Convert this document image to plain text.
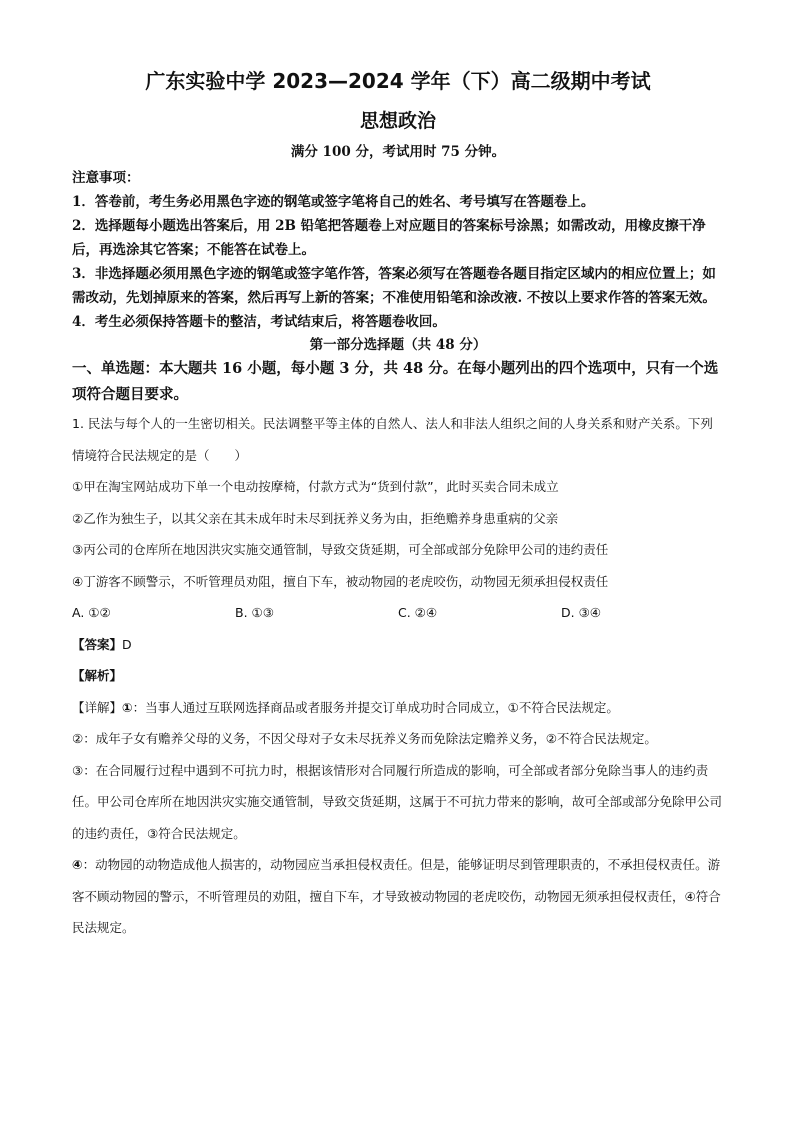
广东实验中学 2023—2024 学年（下）高二级期中考试
思想政治
满分 100 分，考试用时 75 分钟。
注意事项：

1．答卷前，考生务必用黑色字迹的钢笔或签字笔将自己的姓名、考号填写在答题卷上。

2．选择题每小题选出答案后，用 2B 铅笔把答题卷上对应题目的答案标号涂黑；如需改动，用橡皮擦干净后，再选涂其它答案；不能答在试卷上。

3．非选择题必须用黑色字迹的钢笔或签字笔作答，答案必须写在答题卷各题目指定区域内的相应位置上；如需改动，先划掉原来的答案，然后再写上新的答案；不准使用铅笔和涂改液. 不按以上要求作答的答案无效。

4．考生必须保持答题卡的整洁，考试结束后，将答题卷收回。

第一部分选择题（共 48 分）
一、单选题：本大题共 16 小题，每小题 3 分，共 48 分。在每小题列出的四个选项中，只有一个选项符合题目要求。
1. 民法与每个人的一生密切相关。民法调整平等主体的自然人、法人和非法人组织之间的人身关系和财产关系。下列情境符合民法规定的是（　　）
①甲在淘宝网站成功下单一个电动按摩椅，付款方式为“货到付款”，此时买卖合同未成立
②乙作为独生子，以其父亲在其未成年时未尽到抚养义务为由，拒绝赡养身患重病的父亲
③丙公司的仓库所在地因洪灾实施交通管制，导致交货延期，可全部或部分免除甲公司的违约责任
④丁游客不顾警示，不听管理员劝阻，擅自下车，被动物园的老虎咬伤，动物园无须承担侵权责任
A. ①②	B. ①③	C. ②④	D. ③④
【答案】D
【解析】
【详解】①：当事人通过互联网选择商品或者服务并提交订单成功时合同成立，①不符合民法规定。
②：成年子女有赡养父母的义务，不因父母对子女未尽抚养义务而免除法定赡养义务，②不符合民法规定。
③：在合同履行过程中遇到不可抗力时，根据该情形对合同履行所造成的影响，可全部或者部分免除当事人的违约责任。甲公司仓库所在地因洪灾实施交通管制，导致交货延期，这属于不可抗力带来的影响，故可全部或部分免除甲公司的违约责任，③符合民法规定。
④：动物园的动物造成他人损害的，动物园应当承担侵权责任。但是，能够证明尽到管理职责的，不承担侵权责任。游客不顾动物园的警示，不听管理员的劝阻，擅自下车，才导致被动物园的老虎咬伤，动物园无须承担侵权责任，④符合民法规定。
